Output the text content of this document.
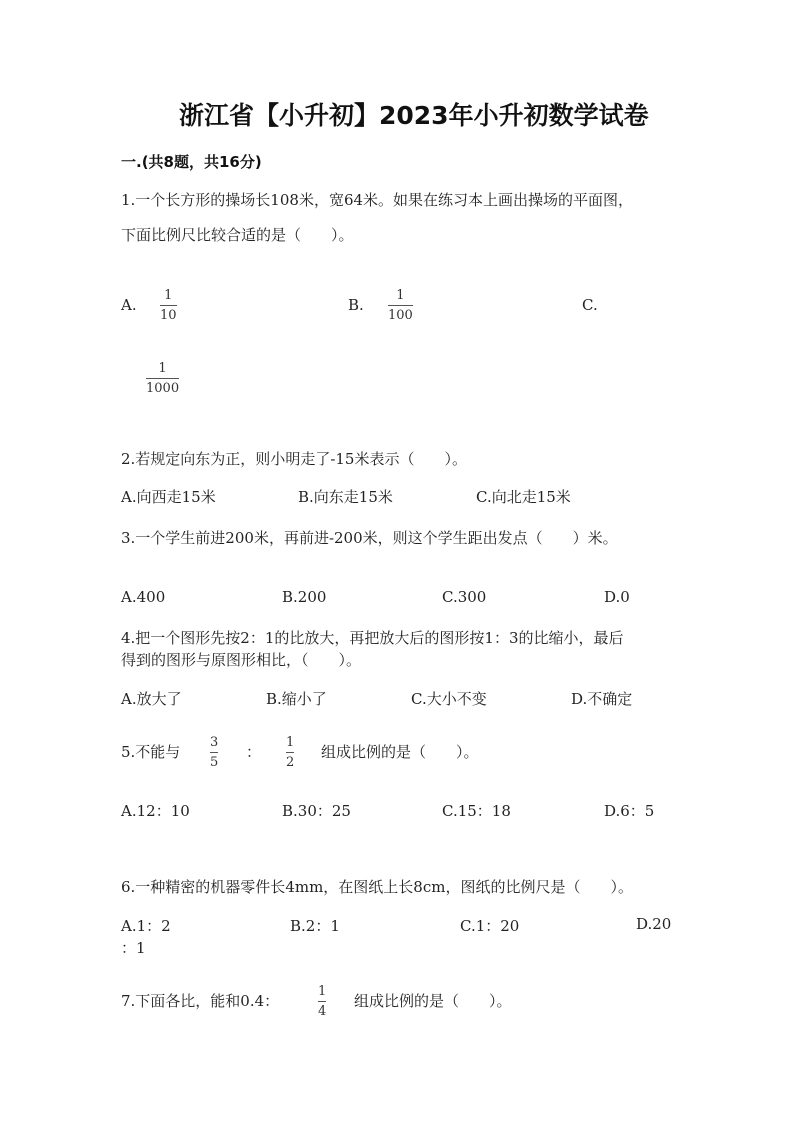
浙江省【小升初】2023年小升初数学试卷
一.(共8题，共16分)
1.一个长方形的操场长108米，宽64米。如果在练习本上画出操场的平面图，
下面比例尺比较合适的是（　　）。
A.
1
10
B.
1
100
C.
1
1000
2.若规定向东为正，则小明走了-15米表示（　　）。
A.向西走15米	B.向东走15米	C.向北走15米
3.一个学生前进200米，再前进-200米，则这个学生距出发点（　　）米。
A.400	B.200	C.300	D.0
4.把一个图形先按2：1的比放大，再把放大后的图形按1：3的比缩小，最后
得到的图形与原图形相比，（　　）。
A.放大了	B.缩小了	C.大小不变	D.不确定
5.不能与
3
5
：
1
2
组成比例的是（　　）。
A.12：10	B.30：25	C.15：18	D.6：5
6.一种精密的机器零件长4mm，在图纸上长8cm，图纸的比例尺是（　　）。
A.1：2	B.2：1	C.1：20	D.20
：1
7.下面各比，能和0.4：
1
4
组成比例的是（　　）。
